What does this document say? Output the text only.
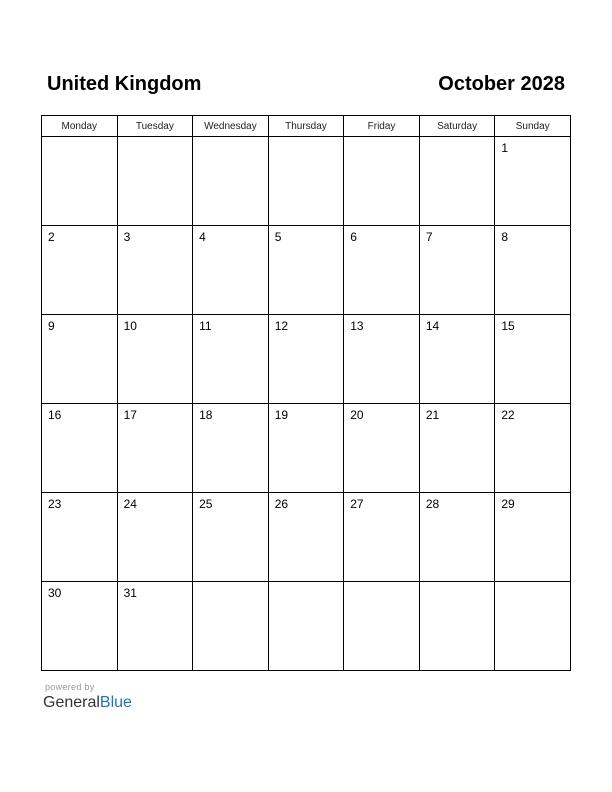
United Kingdom	October 2028
Monday	Tuesday	Wednesday	Thursday	Friday	Saturday	Sunday

						1

2	3	4	5	6	7	8

9	10	11	12	13	14	15

16	17	18	19	20	21	22

23	24	25	26	27	28	29

30	31					

powered by
GeneralBlue
